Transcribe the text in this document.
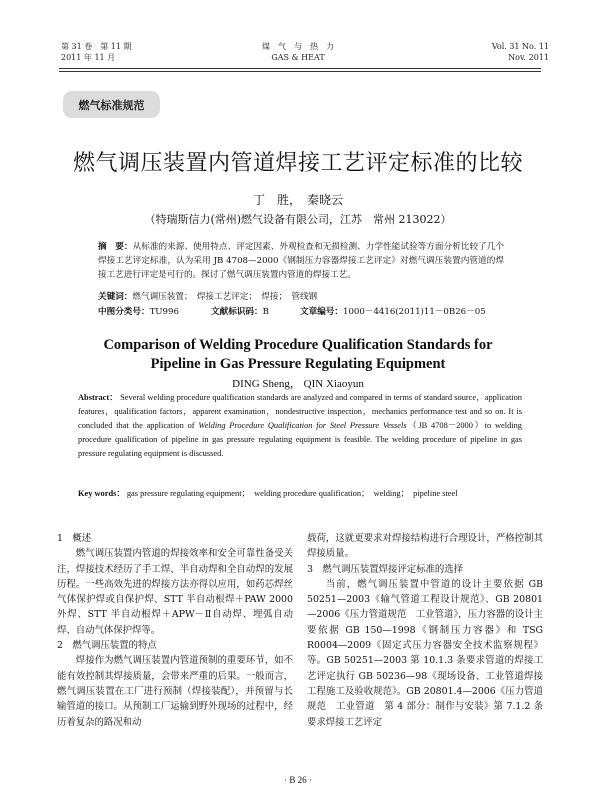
第 31 卷　第 11 期
2011 年 11 月
煤　气　与　热　力
GAS & HEAT
Vol. 31 No. 11
Nov. 2011
燃气标准规范
燃气调压装置内管道焊接工艺评定标准的比较
丁　胜，　秦晓云
（特瑞斯信力(常州)燃气设备有限公司，江苏　常州 213022）
摘　要：从标准的来源、使用特点、评定因素、外观检查和无损检测、力学性能试验等方面分析比较了几个焊接工艺评定标准，认为采用 JB 4708—2000《钢制压力容器焊接工艺评定》对燃气调压装置内管道的焊接工艺进行评定是可行的。探讨了燃气调压装置内管道的焊接工艺。
关键词：燃气调压装置；　焊接工艺评定；　焊接；　管线钢
中图分类号：TU996	文献标识码：B	文章编号：1000－4416(2011)11－0B26－05
Comparison of Welding Procedure Qualification Standards for
Pipeline in Gas Pressure Regulating Equipment
DING Sheng， QIN Xiaoyun
Abstract： Several welding procedure qualification standards are analyzed and compared in terms of standard source，application features，qualification factors，apparent examination，nondestructive inspection，mechanics performance test and so on. It is concluded that the application of Welding Procedure Qualification for Steel Pressure Vessels（JB 4708－2000）to welding procedure qualification of pipeline in gas pressure regulating equipment is feasible. The welding procedure of pipeline in gas pressure regulating equipment is discussed.
Key words： gas pressure regulating equipment；　welding procedure qualification；　welding；　pipeline steel

1　概述

燃气调压装置内管道的焊接效率和安全可靠性备受关注，焊接技术经历了手工焊、半自动焊和全自动焊的发展历程。一些高效先进的焊接方法亦得以应用，如药芯焊丝气体保护焊或自保护焊、STT 半自动根焊＋PAW 2000外焊、STT 半自动根焊＋APW－Ⅱ自动焊、埋弧自动焊、自动气体保护焊等。

2　燃气调压装置的特点

焊接作为燃气调压装置内管道预制的重要环节，如不能有效控制其焊接质量，会带来严重的后果。一般而言，燃气调压装置在工厂进行预制（焊接装配），并预留与长输管道的接口。从预制工厂运输到野外现场的过程中，经历着复杂的路况和动

载荷，这就更要求对焊接结构进行合理设计，严格控制其焊接质量。

3　燃气调压装置焊接评定标准的选择

当前，燃气调压装置中管道的设计主要依据 GB 50251—2003《输气管道工程设计规范》、GB 20801—2006《压力管道规范　工业管道》，压力容器的设计主要依据 GB 150—1998《钢制压力容器》和 TSG R0004—2009《固定式压力容器安全技术监察规程》等。GB 50251—2003 第 10.1.3 条要求管道的焊接工艺评定执行 GB 50236—98《现场设备、工业管道焊接工程施工及验收规范》。GB 20801.4—2006《压力管道规范　工业管道　第 4 部分：制作与安装》第 7.1.2 条要求焊接工艺评定

· B 26 ·
